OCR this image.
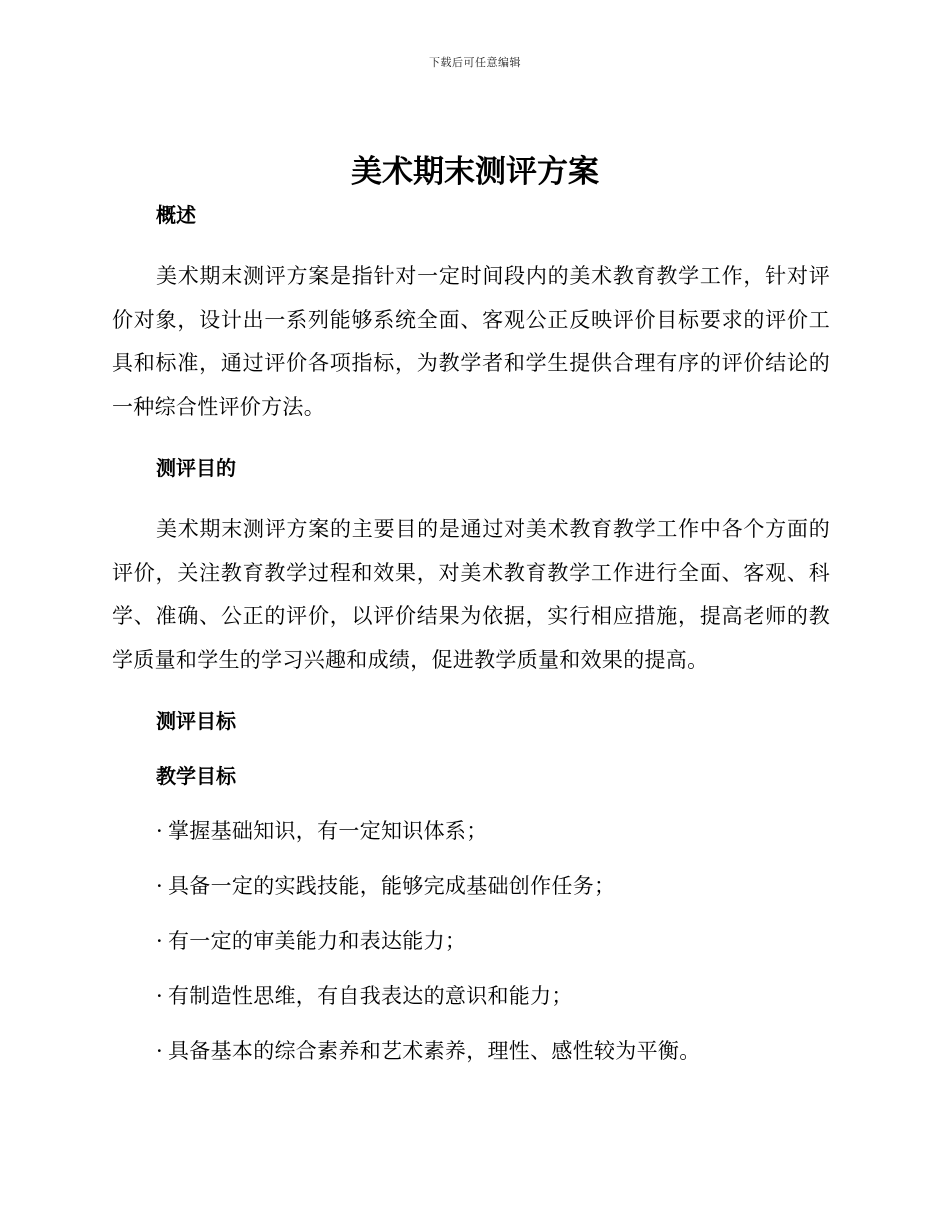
下载后可任意编辑
美术期末测评方案
概述

美术期末测评方案是指针对一定时间段内的美术教育教学工作，针对评价对象，设计出一系列能够系统全面、客观公正反映评价目标要求的评价工具和标准，通过评价各项指标，为教学者和学生提供合理有序的评价结论的一种综合性评价方法。

测评目的

美术期末测评方案的主要目的是通过对美术教育教学工作中各个方面的评价，关注教育教学过程和效果，对美术教育教学工作进行全面、客观、科学、准确、公正的评价，以评价结果为依据，实行相应措施，提高老师的教学质量和学生的学习兴趣和成绩，促进教学质量和效果的提高。

测评目标
教学目标
· 掌握基础知识，有一定知识体系；
· 具备一定的实践技能，能够完成基础创作任务；
· 有一定的审美能力和表达能力；
· 有制造性思维，有自我表达的意识和能力；
· 具备基本的综合素养和艺术素养，理性、感性较为平衡。
